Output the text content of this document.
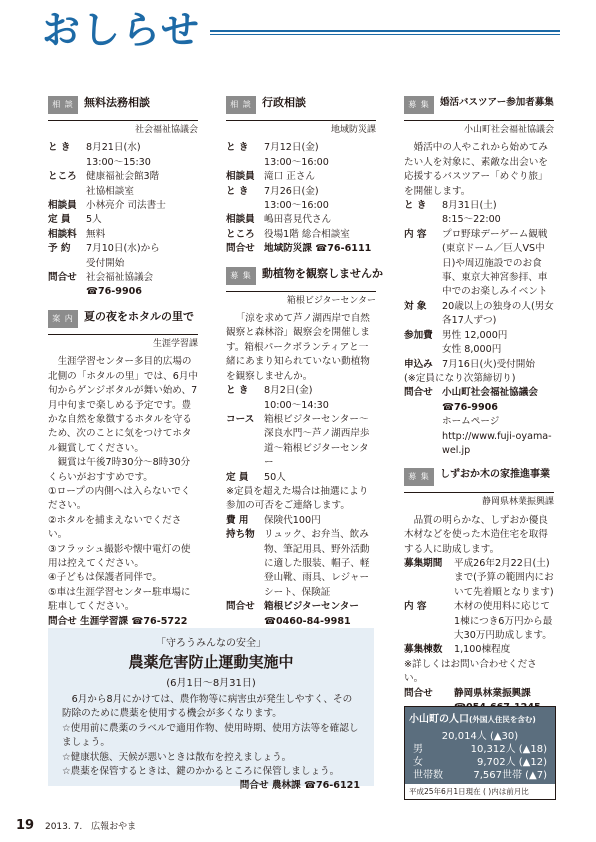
おしらせ
相 談 無料法務相談
社会福祉協議会
と き	8月21日(水)
13:00～15:30
ところ 健康福祉会館3階
社協相談室
相談員 小林亮介 司法書士
定 員	5人
相談料 無料
予 約	7月10日(水)から
受付開始
問合せ 社会福祉協議会
☎76-9906
案 内 夏の夜をホタルの里で
生涯学習課
生涯学習センター多目的広場の北側の「ホタルの里」では、6月中旬からゲンジボタルが舞い始め、7月中旬まで楽しめる予定です。豊かな自然を象徴するホタルを守るため、次のことに気をつけてホタル観賞してください。
観賞は午後7時30分～8時30分くらいがおすすめです。
①ロープの内側へは入らないでください。
②ホタルを捕まえないでください。
③フラッシュ撮影や懐中電灯の使用は控えてください。
④子どもは保護者同伴で。
⑤車は生涯学習センター駐車場に駐車してください。
問合せ 生涯学習課 ☎76-5722
相 談 行政相談
地域防災課
と き	7月12日(金)
13:00～16:00
相談員 滝口 正さん
と き	7月26日(金)
13:00～16:00
相談員 嶋田喜見代さん
ところ 役場1階 総合相談室
問合せ 地域防災課 ☎76-6111
募 集 動植物を観察しませんか
箱根ビジターセンター
「涼を求めて芦ノ湖西岸で自然観察と森林浴」観察会を開催します。箱根パークボランティアと一緒にあまり知られていない動植物を観察しませんか。
と き	8月2日(金)
10:00～14:30
コース	箱根ビジターセンター～深良水門～芦ノ湖西岸歩道～箱根ビジターセンター
定 員	50人
※定員を超えた場合は抽選により参加の可否をご連絡します。
費 用	保険代100円
持ち物 リュック、お弁当、飲み物、筆記用具、野外活動に適した服装、帽子、軽登山靴、雨具、レジャーシート、保険証
問合せ 箱根ビジターセンター
☎0460-84-9981
募 集	婚活バスツアー参加者募集
小山町社会福祉協議会
婚活中の人やこれから始めてみたい人を対象に、素敵な出会いを応援するバスツアー「めぐり旅」を開催します。
と き	8月31日(土)
8:15～22:00
内 容	プロ野球デーゲーム観戦(東京ドーム／巨人VS中日)や周辺施設でのお食事、東京大神宮参拝、車中でのお楽しみイベント
対 象	20歳以上の独身の人(男女各17人ずつ)
参加費 男性 12,000円
女性 8,000円
申込み 7月16日(火)受付開始
(※定員になり次第締切り)
問合せ 小山町社会福祉協議会
☎76-9906
ホームページ
http://www.fuji-oyama-wel.jp
募 集	しずおか木の家推進事業
静岡県林業振興課
品質の明らかな、しずおか優良木材などを使った木造住宅を取得する人に助成します。
募集期間	平成26年2月22日(土)まで(予算の範囲内において先着順となります)
内 容	木材の使用料に応じて1棟につき6万円から最大30万円助成します。
募集棟数	1,100棟程度
※詳しくはお問い合わせください。
問合せ	静岡県林業振興課

「守ろうみんなの安全」
農薬危害防止運動実施中
(6月1日～8月31日)
6月から8月にかけては、農作物等に病害虫が発生しやすく、その防除のために農薬を使用する機会が多くなります。
☆使用前に農薬のラベルで適用作物、使用時期、使用方法等を確認しましょう。
☆健康状態、天候が悪いときは散布を控えましょう。
☆農薬を保管するときは、鍵のかかるところに保管しましょう。
問合せ 農林課 ☎76-6121
小山町の人口(外国人住民を含む)
20,014人 (▲30)
男	10,312人 (▲18)
女	9,702人 (▲12)
世帯数	7,567世帯 (▲7)
平成25年6月1日現在 ( )内は前月比
19 2013. 7. 広報おやま
